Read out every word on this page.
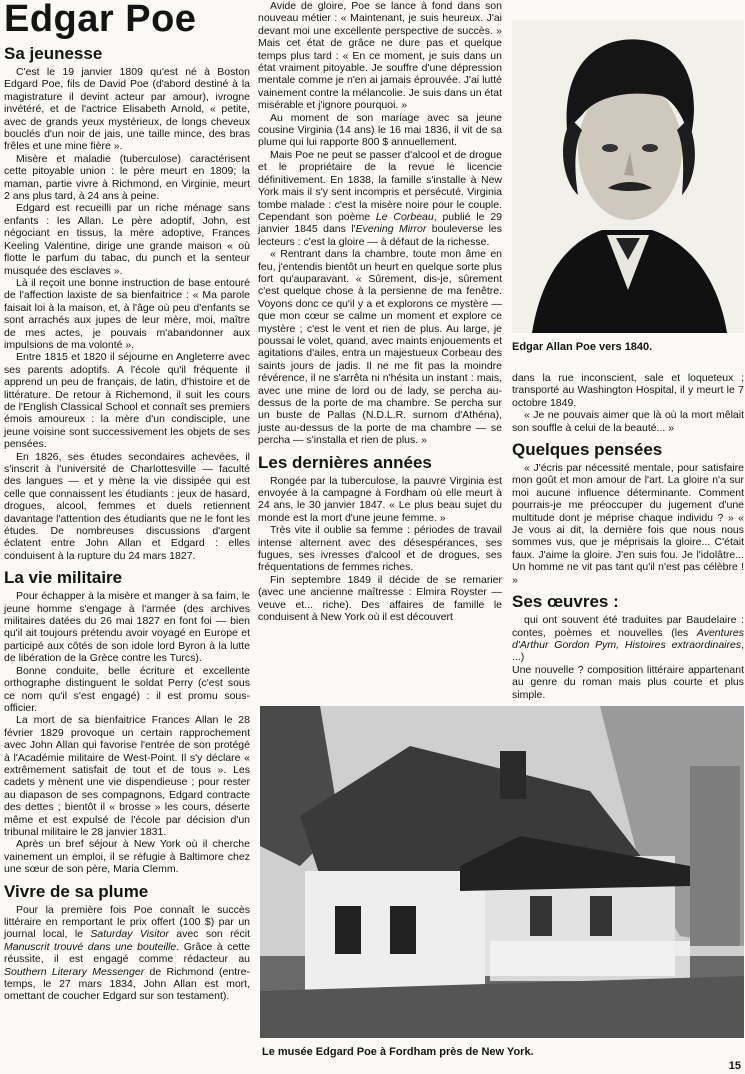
Edgar Poe
Sa jeunesse

C'est le 19 janvier 1809 qu'est né à Boston Edgard Poe, fils de David Poe (d'abord destiné à la magistrature il devint acteur par amour), ivrogne invétéré, et de l'actrice Elisabeth Arnold, « petite, avec de grands yeux mystérieux, de longs cheveux bouclés d'un noir de jais, une taille mince, des bras frêles et une mine fière ».

Misère et maladie (tuberculose) caractérisent cette pitoyable union : le père meurt en 1809; la maman, partie vivre à Richmond, en Virginie, meurt 2 ans plus tard, à 24 ans à peine.

Edgard est recueilli par un riche ménage sans enfants : les Allan. Le père adoptif, John, est négociant en tissus, la mère adoptive, Frances Keeling Valentine, dirige une grande maison « où flotte le parfum du tabac, du punch et la senteur musquée des esclaves ».

Là il reçoit une bonne instruction de base entouré de l'affection laxiste de sa bienfaitrice : « Ma parole faisait loi à la maison, et, à l'âge où peu d'enfants se sont arrachés aux jupes de leur mère, moi, maître de mes actes, je pouvais m'abandonner aux impulsions de ma volonté ».

Entre 1815 et 1820 il séjourne en Angleterre avec ses parents adoptifs. A l'école qu'il fréquente il apprend un peu de français, de latin, d'histoire et de littérature. De retour à Richemond, il suit les cours de l'English Classical School et connaît ses premiers émois amoureux : la mère d'un condisciple, une jeune voisine sont successivement les objets de ses pensées.

En 1826, ses études secondaires achevées, il s'inscrit à l'université de Charlottesville — faculté des langues — et y mène la vie dissipée qui est celle que connaissent les étudiants : jeux de hasard, drogues, alcool, femmes et duels retiennent davantage l'attention des étudiants que ne le font les études. De nombreuses discussions d'argent éclatent entre John Allan et Edgard : elles conduisent à la rupture du 24 mars 1827.

La vie militaire

Pour échapper à la misère et manger à sa faim, le jeune homme s'engage à l'armée (des archives militaires datées du 26 mai 1827 en font foi — bien qu'il ait toujours prétendu avoir voyagé en Europe et participé aux côtés de son idole lord Byron à la lutte de libération de la Grèce contre les Turcs).

Bonne conduite, belle écriture et excellente orthographe distinguent le soldat Perry (c'est sous ce nom qu'il s'est engagé) : il est promu sous-officier.

La mort de sa bienfaitrice Frances Allan le 28 février 1829 provoque un certain rapprochement avec John Allan qui favorise l'entrée de son protégé à l'Académie militaire de West-Point. Il s'y déclare « extrêmement satisfait de tout et de tous ». Les cadets y mènent une vie dispendieuse ; pour rester au diapason de ses compagnons, Edgard contracte des dettes ; bientôt il « brosse » les cours, déserte même et est expulsé de l'école par décision d'un tribunal militaire le 28 janvier 1831.

Après un bref séjour à New York où il cherche vainement un emploi, il se réfugie à Baltimore chez une sœur de son père, Maria Clemm.

Vivre de sa plume

Pour la première fois Poe connaît le succès littéraire en remportant le prix offert (100 $) par un journal local, le Saturday Visitor avec son récit Manuscrit trouvé dans une bouteille. Grâce à cette réussite, il est engagé comme rédacteur au Southern Literary Messenger de Richmond (entre-temps, le 27 mars 1834, John Allan est mort, omettant de coucher Edgard sur son testament).

Avide de gloire, Poe se lance à fond dans son nouveau métier : « Maintenant, je suis heureux. J'ai devant moi une excellente perspective de succès. » Mais cet état de grâce ne dure pas et quelque temps plus tard : « En ce moment, je suis dans un état vraiment pitoyable. Je souffre d'une dépression mentale comme je n'en ai jamais éprouvée. J'ai lutté vainement contre la mélancolie. Je suis dans un état misérable et j'ignore pourquoi. »

Au moment de son mariage avec sa jeune cousine Virginia (14 ans) le 16 mai 1836, il vit de sa plume qui lui rapporte 800 $ annuellement.

Mais Poe ne peut se passer d'alcool et de drogue et le propriétaire de la revue le licencie définitivement. En 1838, la famille s'installe à New York mais il s'y sent incompris et persécuté. Virginia tombe malade : c'est la misère noire pour le couple. Cependant son poème Le Corbeau, publié le 29 janvier 1845 dans l'Evening Mirror bouleverse les lecteurs : c'est la gloire — à défaut de la richesse.

« Rentrant dans la chambre, toute mon âme en feu, j'entendis bientôt un heurt en quelque sorte plus fort qu'auparavant. « Sûrement, dis-je, sûrement c'est quelque chose à la persienne de ma fenêtre. Voyons donc ce qu'il y a et explorons ce mystère — que mon cœur se calme un moment et explore ce mystère ; c'est le vent et rien de plus. Au large, je poussai le volet, quand, avec maints enjouements et agitations d'ailes, entra un majestueux Corbeau des saints jours de jadis. Il ne me fit pas la moindre révérence, il ne s'arrêta ni n'hésita un instant : mais, avec une mine de lord ou de lady, se percha au-dessus de la porte de ma chambre. Se percha sur un buste de Pallas (N.D.L.R. surnom d'Athéna), juste au-dessus de la porte de ma chambre — se percha — s'installa et rien de plus. »

Les dernières années

Rongée par la tuberculose, la pauvre Virginia est envoyée à la campagne à Fordham où elle meurt à 24 ans, le 30 janvier 1847. « Le plus beau sujet du monde est la mort d'une jeune femme. »

Très vite il oublie sa femme : périodes de travail intense alternent avec des désespérances, ses fugues, ses ivresses d'alcool et de drogues, ses fréquentations de femmes riches.

Fin septembre 1849 il décide de se remarier (avec une ancienne maîtresse : Elmira Royster — veuve et... riche). Des affaires de famille le conduisent à New York où il est découvert

Edgar Allan Poe vers 1840.

dans la rue inconscient, sale et loqueteux ; transporté au Washington Hospital, il y meurt le 7 octobre 1849.

« Je ne pouvais aimer que là où la mort mêlait son souffle à celui de la beauté... »

Quelques pensées

« J'écris par nécessité mentale, pour satisfaire mon goût et mon amour de l'art. La gloire n'a sur moi aucune influence déterminante. Comment pourrais-je me préoccuper du jugement d'une multitude dont je méprise chaque individu ? » « Je vous ai dit, la dernière fois que nous nous sommes vus, que je méprisais la gloire... C'était faux. J'aime la gloire. J'en suis fou. Je l'idolâtre... Un homme ne vit pas tant qu'il n'est pas célèbre ! »

Ses œuvres :

qui ont souvent été traduites par Baudelaire : contes, poèmes et nouvelles (les Aventures d'Arthur Gordon Pym, Histoires extraordinaires, ...)

Une nouvelle ? composition littéraire appartenant au genre du roman mais plus courte et plus simple.

Le musée Edgard Poe à Fordham près de New York.
15
